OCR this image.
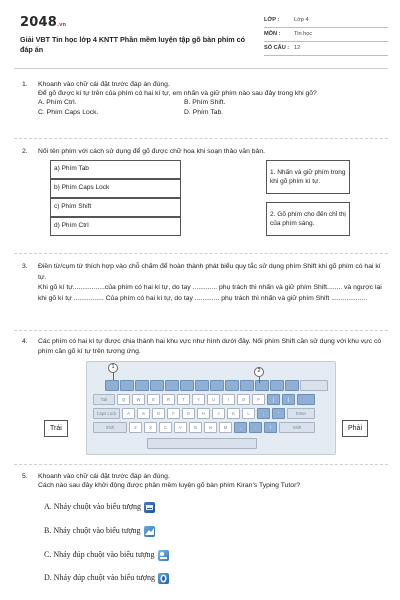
2048.vn
Giải VBT Tin học lớp 4 KNTT Phần mềm luyện tập gõ bàn phím có đáp án
LỚP :	Lớp 4
MÔN :	Tin học
SỐ CÂU : 12
1.	Khoanh vào chữ cái đặt trước đáp án đúng.
Để gõ được kí tự trên của phím có hai kí tự, em nhấn và giữ phím nào sau đây trong khi gõ?
A. Phím Ctrl.	B. Phím Shift.
C. Phím Caps Lock.	D. Phím Tab.
2.	Nối tên phím với cách sử dụng để gõ được chữ hoa khi soạn thảo văn bản.
a) Phím Tab
b) Phím Caps Lock
c) Phím Shift
d) Phím Ctrl
1. Nhấn và giữ phím trong khi gõ phím kí tự.
2. Gõ phím cho đến chỉ thị của phím sáng.
3.	Điền từ/cụm từ thích hợp vào chỗ chấm để hoàn thành phát biểu quy tắc sử dụng phím Shift khi gõ phím có hai kí tự.
Khi gõ kí tự.................của phím có hai kí tự, do tay ............. phụ trách thì nhấn và giữ phím Shift........ và ngược lại khi gõ kí tự ................ Của phím có hai kí tự, do tay ............. phụ trách thì nhấn và giữ phím Shift ...................
4.	Các phím có hai kí tự được chia thành hai khu vực như hình dưới đây. Nối phím Shift cần sử dụng với khu vực có phím cần gõ kí tự trên tương ứng.
Tab	Q	W	E	R	T	Y	U	I	O	P	[	]
Caps Lock	A	S	D	F	G	H	J	K	L	;	'	Enter
Shift	Z	X	C	V	B	N	M	,	.	/	Shift
1
2
Trái	Phải
5.	Khoanh vào chữ cái đặt trước đáp án đúng.
Cách nào sau đây khởi động được phần mềm luyện gõ bàn phím Kiran's Typing Tutor?
A. Nháy chuột vào biểu tượng
B. Nháy chuột vào biểu tượng
C. Nháy đúp chuột vào biểu tượng
D. Nháy đúp chuột vào biểu tượng
